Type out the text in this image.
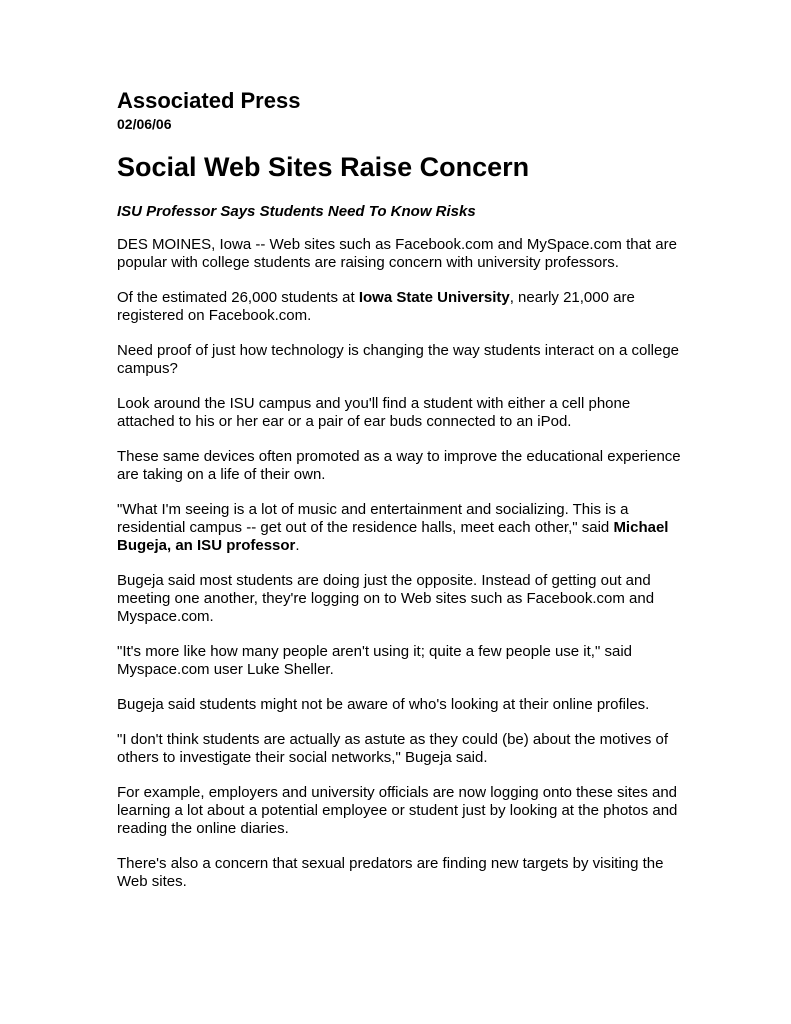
Associated Press
02/06/06
Social Web Sites Raise Concern
ISU Professor Says Students Need To Know Risks

DES MOINES, Iowa -- Web sites such as Facebook.com and MySpace.com that are popular with college students are raising concern with university professors.

Of the estimated 26,000 students at Iowa State University, nearly 21,000 are registered on Facebook.com.

Need proof of just how technology is changing the way students interact on a college campus?

Look around the ISU campus and you'll find a student with either a cell phone attached to his or her ear or a pair of ear buds connected to an iPod.

These same devices often promoted as a way to improve the educational experience are taking on a life of their own.

"What I'm seeing is a lot of music and entertainment and socializing. This is a residential campus -- get out of the residence halls, meet each other," said Michael Bugeja, an ISU professor.

Bugeja said most students are doing just the opposite. Instead of getting out and meeting one another, they're logging on to Web sites such as Facebook.com and Myspace.com.

"It's more like how many people aren't using it; quite a few people use it," said Myspace.com user Luke Sheller.

Bugeja said students might not be aware of who's looking at their online profiles.

"I don't think students are actually as astute as they could (be) about the motives of others to investigate their social networks," Bugeja said.

For example, employers and university officials are now logging onto these sites and learning a lot about a potential employee or student just by looking at the photos and reading the online diaries.

There's also a concern that sexual predators are finding new targets by visiting the Web sites.
